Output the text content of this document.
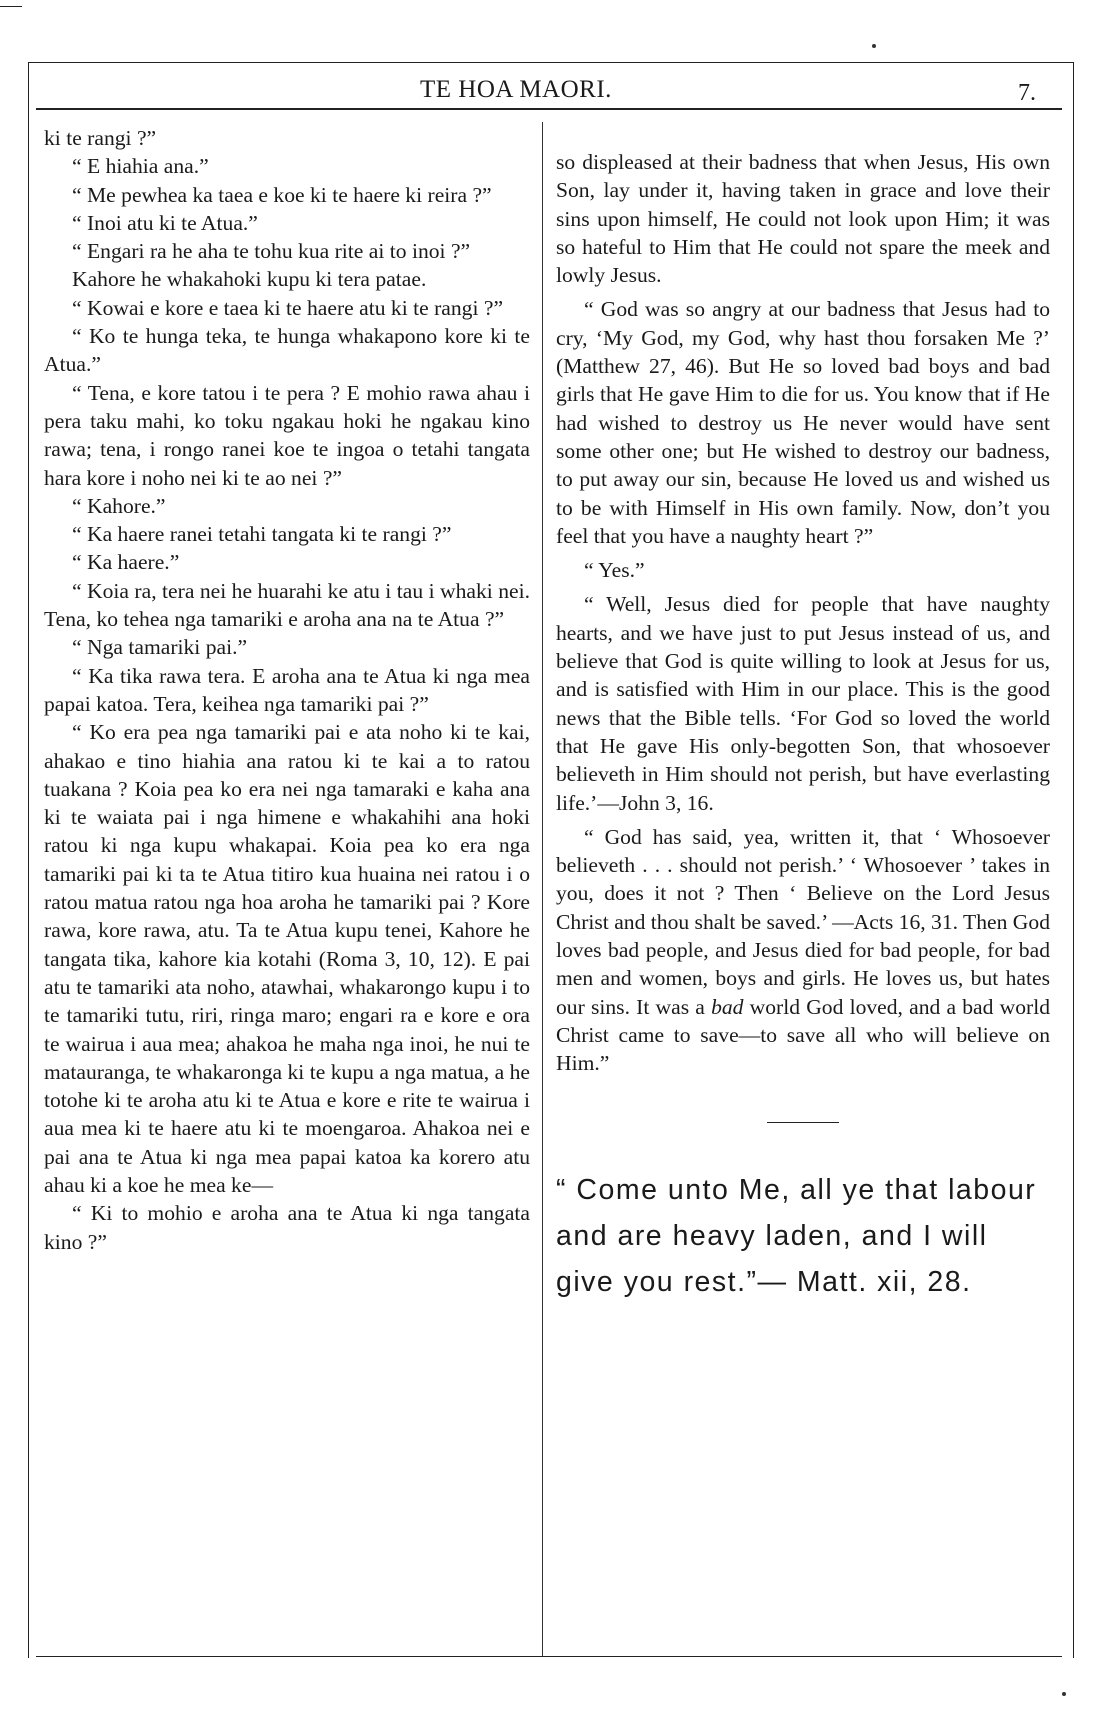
TE HOA MAORI.	7.

ki te rangi ?”

“ E hiahia ana.”

“ Me pewhea ka taea e koe ki te haere ki reira ?”

“ Inoi atu ki te Atua.”

“ Engari ra he aha te tohu kua rite ai to inoi ?”

Kahore he whakahoki kupu ki tera patae.

“ Kowai e kore e taea ki te haere atu ki te rangi ?”

“ Ko te hunga teka, te hunga whakapono kore ki te Atua.”

“ Tena, e kore tatou i te pera ? E mohio rawa ahau i pera taku mahi, ko toku ngakau hoki he ngakau kino rawa; tena, i rongo ranei koe te ingoa o tetahi tangata hara kore i noho nei ki te ao nei ?”

“ Kahore.”

“ Ka haere ranei tetahi tangata ki te rangi ?”

“ Ka haere.”

“ Koia ra, tera nei he huarahi ke atu i tau i whaki nei. Tena, ko tehea nga tamariki e aroha ana na te Atua ?”

“ Nga tamariki pai.”

“ Ka tika rawa tera. E aroha ana te Atua ki nga mea papai katoa. Tera, keihea nga tamariki pai ?”

“ Ko era pea nga tamariki pai e ata noho ki te kai, ahakao e tino hiahia ana ratou ki te kai a to ratou tuakana ? Koia pea ko era nei nga tamaraki e kaha ana ki te waiata pai i nga himene e whakahihi ana hoki ratou ki nga kupu whakapai. Koia pea ko era nga tamariki pai ki ta te Atua titiro kua huaina nei ratou i o ratou matua ratou nga hoa aroha he tamariki pai ? Kore rawa, kore rawa, atu. Ta te Atua kupu tenei, Kahore he tangata tika, kahore kia kotahi (Roma 3, 10, 12). E pai atu te tamariki ata noho, atawhai, whakarongo kupu i to te tamariki tutu, riri, ringa maro; engari ra e kore e ora te wairua i aua mea; ahakoa he maha nga inoi, he nui te matauranga, te whakaronga ki te kupu a nga matua, a he totohe ki te aroha atu ki te Atua e kore e rite te wairua i aua mea ki te haere atu ki te moengaroa. Ahakoa nei e pai ana te Atua ki nga mea papai katoa ka korero atu ahau ki a koe he mea ke—

“ Ki to mohio e aroha ana te Atua ki nga tangata kino ?”

so displeased at their badness that when Jesus, His own Son, lay under it, having taken in grace and love their sins upon himself, He could not look upon Him; it was so hateful to Him that He could not spare the meek and lowly Jesus.

“ God was so angry at our badness that Jesus had to cry, ‘My God, my God, why hast thou forsaken Me ?’ (Matthew 27, 46). But He so loved bad boys and bad girls that He gave Him to die for us. You know that if He had wished to destroy us He never would have sent some other one; but He wished to destroy our badness, to put away our sin, because He loved us and wished us to be with Himself in His own family. Now, don’t you feel that you have a naughty heart ?”

“ Yes.”

“ Well, Jesus died for people that have naughty hearts, and we have just to put Jesus instead of us, and believe that God is quite willing to look at Jesus for us, and is satisfied with Him in our place. This is the good news that the Bible tells. ‘For God so loved the world that He gave His only-begotten Son, that whosoever believeth in Him should not perish, but have everlasting life.’—John 3, 16.

“ God has said, yea, written it, that ‘ Whosoever believeth . . . should not perish.’ ‘ Whosoever ’ takes in you, does it not ? Then ‘ Believe on the Lord Jesus Christ and thou shalt be saved.’ —Acts 16, 31. Then God loves bad people, and Jesus died for bad people, for bad men and women, boys and girls. He loves us, but hates our sins. It was a bad world God loved, and a bad world Christ came to save—to save all who will believe on Him.”

“ Come unto Me, all ye that labour and are heavy laden, and I will give you rest.”— Matt. xii, 28.
